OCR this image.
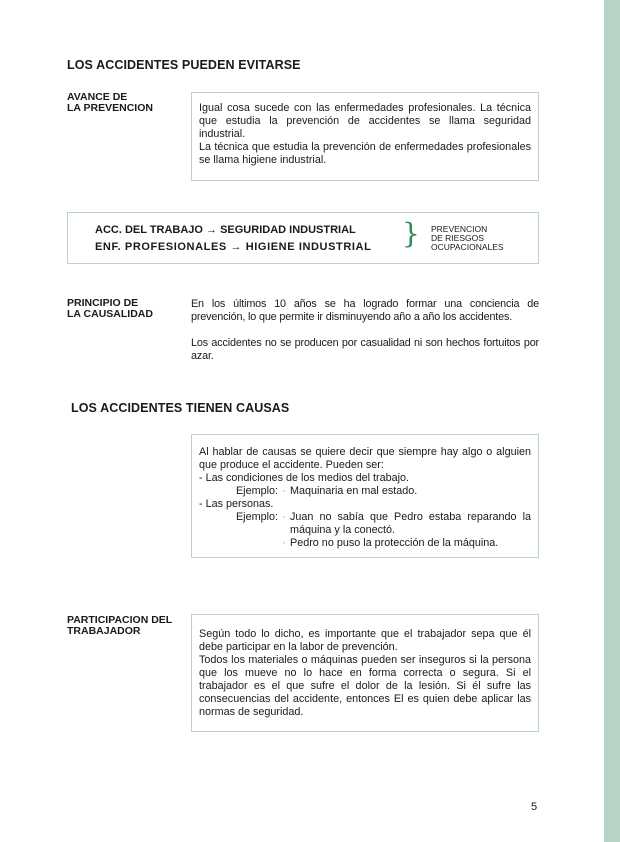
LOS ACCIDENTES PUEDEN EVITARSE
AVANCE DE
LA PREVENCION	Igual cosa sucede con las enfermedades profesionales. La técnica que estudia la prevención de accidentes se llama seguridad industrial.

La técnica que estudia la prevención de enfermedades profesionales se llama higiene industrial.

ACC. DEL TRABAJO → SEGURIDAD INDUSTRIAL
ENF. PROFESIONALES → HIGIENE INDUSTRIAL } PREVENCION
DE RIESGOS
OCUPACIONALES
PRINCIPIO DE
LA CAUSALIDAD

En los últimos 10 años se ha logrado formar una conciencia de prevención, lo que permite ir disminuyendo año a año los accidentes.

Los accidentes no se producen por casualidad ni son hechos fortuitos por azar.

LOS ACCIDENTES TIENEN CAUSAS
Al hablar de causas se quiere decir que siempre hay algo o alguien que produce el accidente. Pueden ser:
- Las condiciones de los medios del trabajo.
Ejemplo: · Maquinaria en mal estado.
- Las personas.
Ejemplo: · Juan no sabía que Pedro estaba reparando la máquina y la conectó.
· Pedro no puso la protección de la máquina.
PARTICIPACION DEL
TRABAJADOR	Según todo lo dicho, es importante que el trabajador sepa que él debe participar en la labor de prevención.

Todos los materiales o máquinas pueden ser inseguros si la persona que los mueve no lo hace en forma correcta o segura. Si el trabajador es el que sufre el dolor de la lesión. Si él sufre las consecuencias del accidente, entonces El es quien debe aplicar las normas de seguridad.

5
